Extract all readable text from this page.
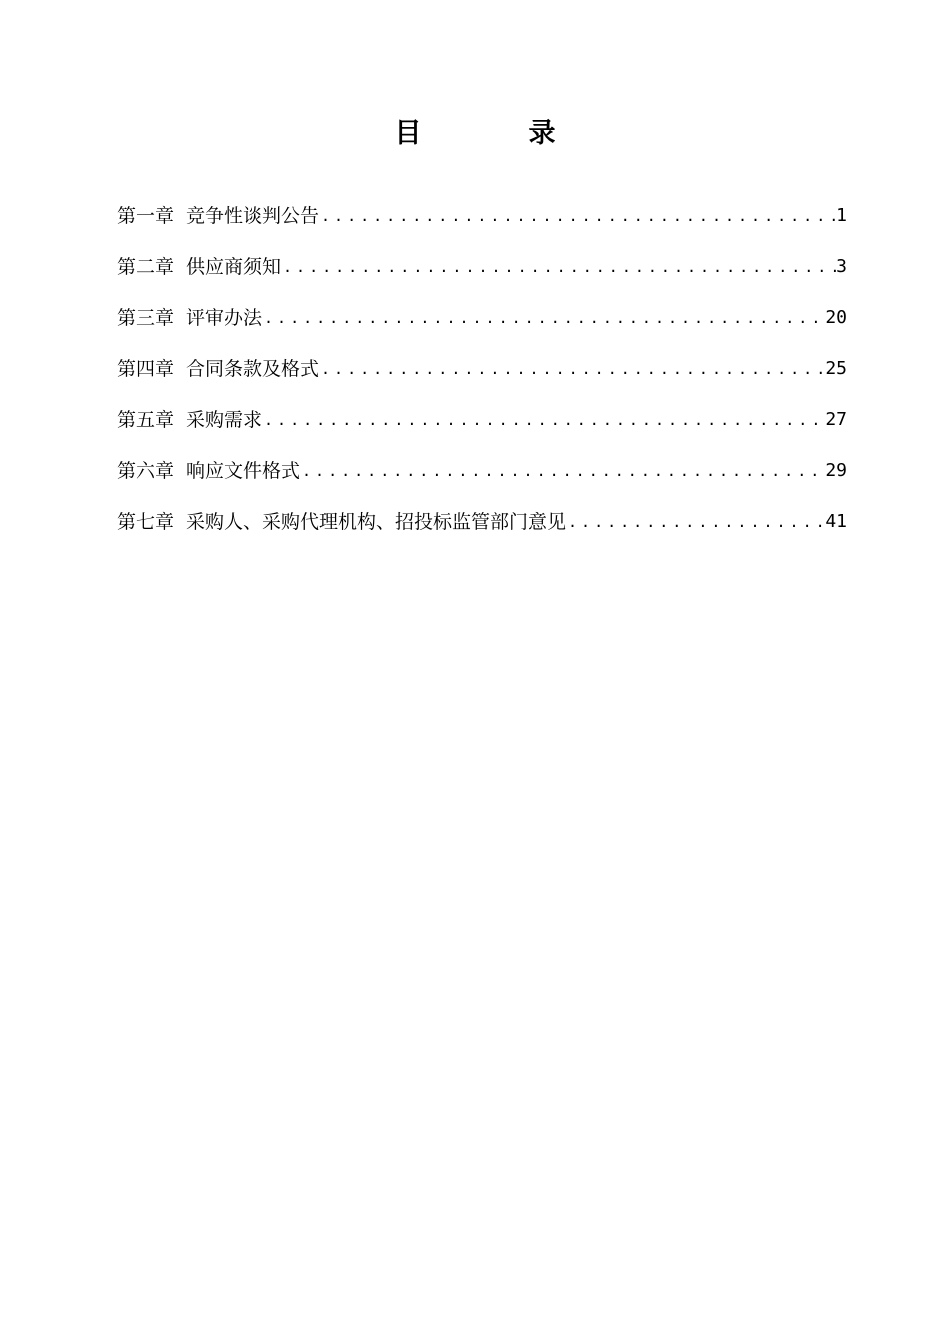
目　录
第一章 竞争性谈判公告 .....	1
第二章 供应商须知 .....	3
第三章 评审办法 .....	20
第四章 合同条款及格式 .....	25
第五章 采购需求 .....	27
第六章 响应文件格式 .....	29
第七章 采购人、采购代理机构、招投标监管部门意见 .....	41
